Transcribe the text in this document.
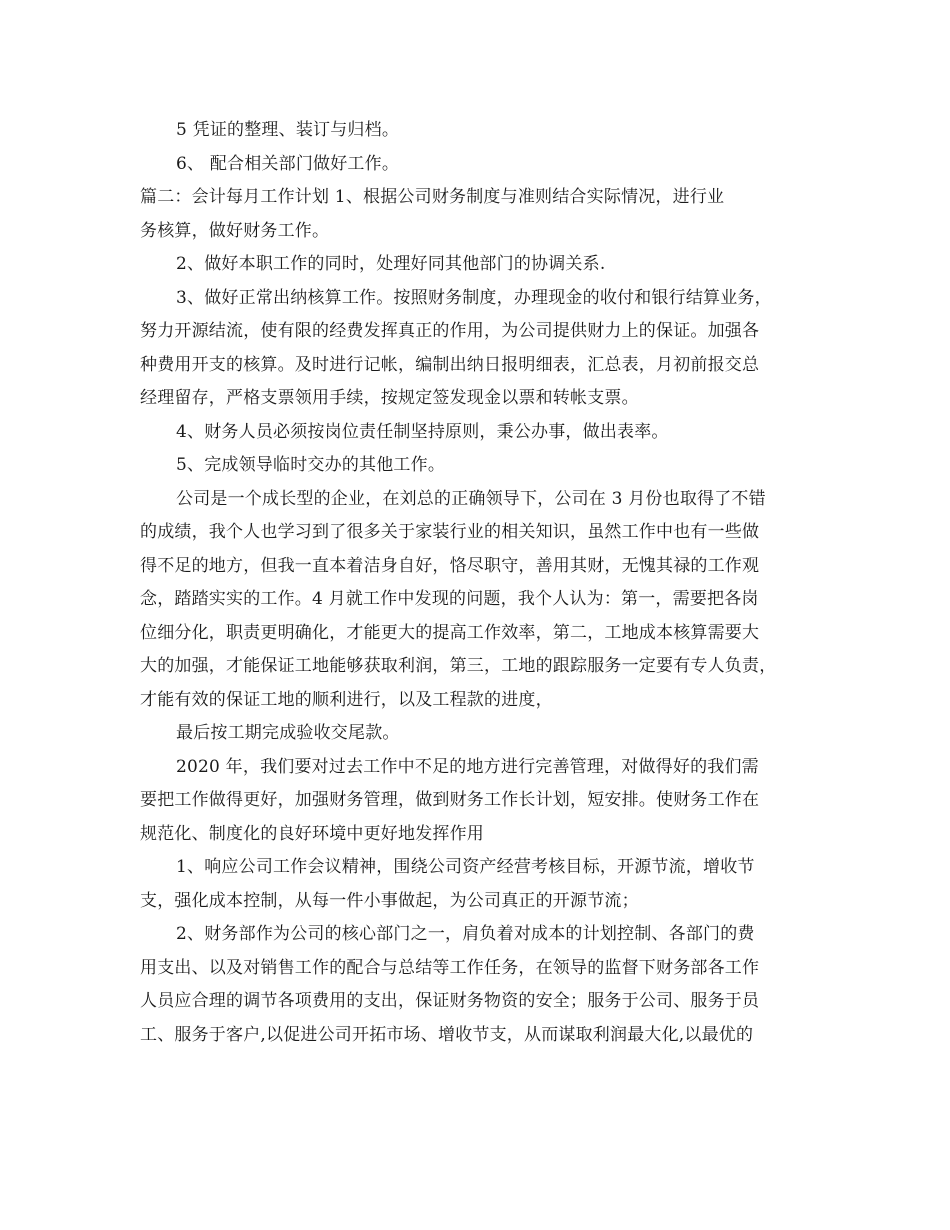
5 凭证的整理、装订与归档。
6、 配合相关部门做好工作。
篇二：会计每月工作计划 1、根据公司财务制度与准则结合实际情况，进行业
务核算，做好财务工作。
2、做好本职工作的同时，处理好同其他部门的协调关系.
3、做好正常出纳核算工作。按照财务制度，办理现金的收付和银行结算业务，
努力开源结流，使有限的经费发挥真正的作用，为公司提供财力上的保证。加强各
种费用开支的核算。及时进行记帐，编制出纳日报明细表，汇总表，月初前报交总
经理留存，严格支票领用手续，按规定签发现金以票和转帐支票。
4、财务人员必须按岗位责任制坚持原则，秉公办事，做出表率。
5、完成领导临时交办的其他工作。
公司是一个成长型的企业，在刘总的正确领导下，公司在 3 月份也取得了不错
的成绩，我个人也学习到了很多关于家装行业的相关知识，虽然工作中也有一些做
得不足的地方，但我一直本着洁身自好，恪尽职守，善用其财，无愧其禄的工作观
念，踏踏实实的工作。4 月就工作中发现的问题，我个人认为：第一，需要把各岗
位细分化，职责更明确化，才能更大的提高工作效率，第二，工地成本核算需要大
大的加强，才能保证工地能够获取利润，第三，工地的跟踪服务一定要有专人负责，
才能有效的保证工地的顺利进行，以及工程款的进度，
最后按工期完成验收交尾款。
2020 年，我们要对过去工作中不足的地方进行完善管理，对做得好的我们需
要把工作做得更好，加强财务管理，做到财务工作长计划，短安排。使财务工作在
规范化、制度化的良好环境中更好地发挥作用
1、响应公司工作会议精神，围绕公司资产经营考核目标，开源节流，增收节
支，强化成本控制，从每一件小事做起，为公司真正的开源节流；
2、财务部作为公司的核心部门之一，肩负着对成本的计划控制、各部门的费
用支出、以及对销售工作的配合与总结等工作任务，在领导的监督下财务部各工作
人员应合理的调节各项费用的支出，保证财务物资的安全；服务于公司、服务于员
工、服务于客户,以促进公司开拓市场、增收节支，从而谋取利润最大化,以最优的
